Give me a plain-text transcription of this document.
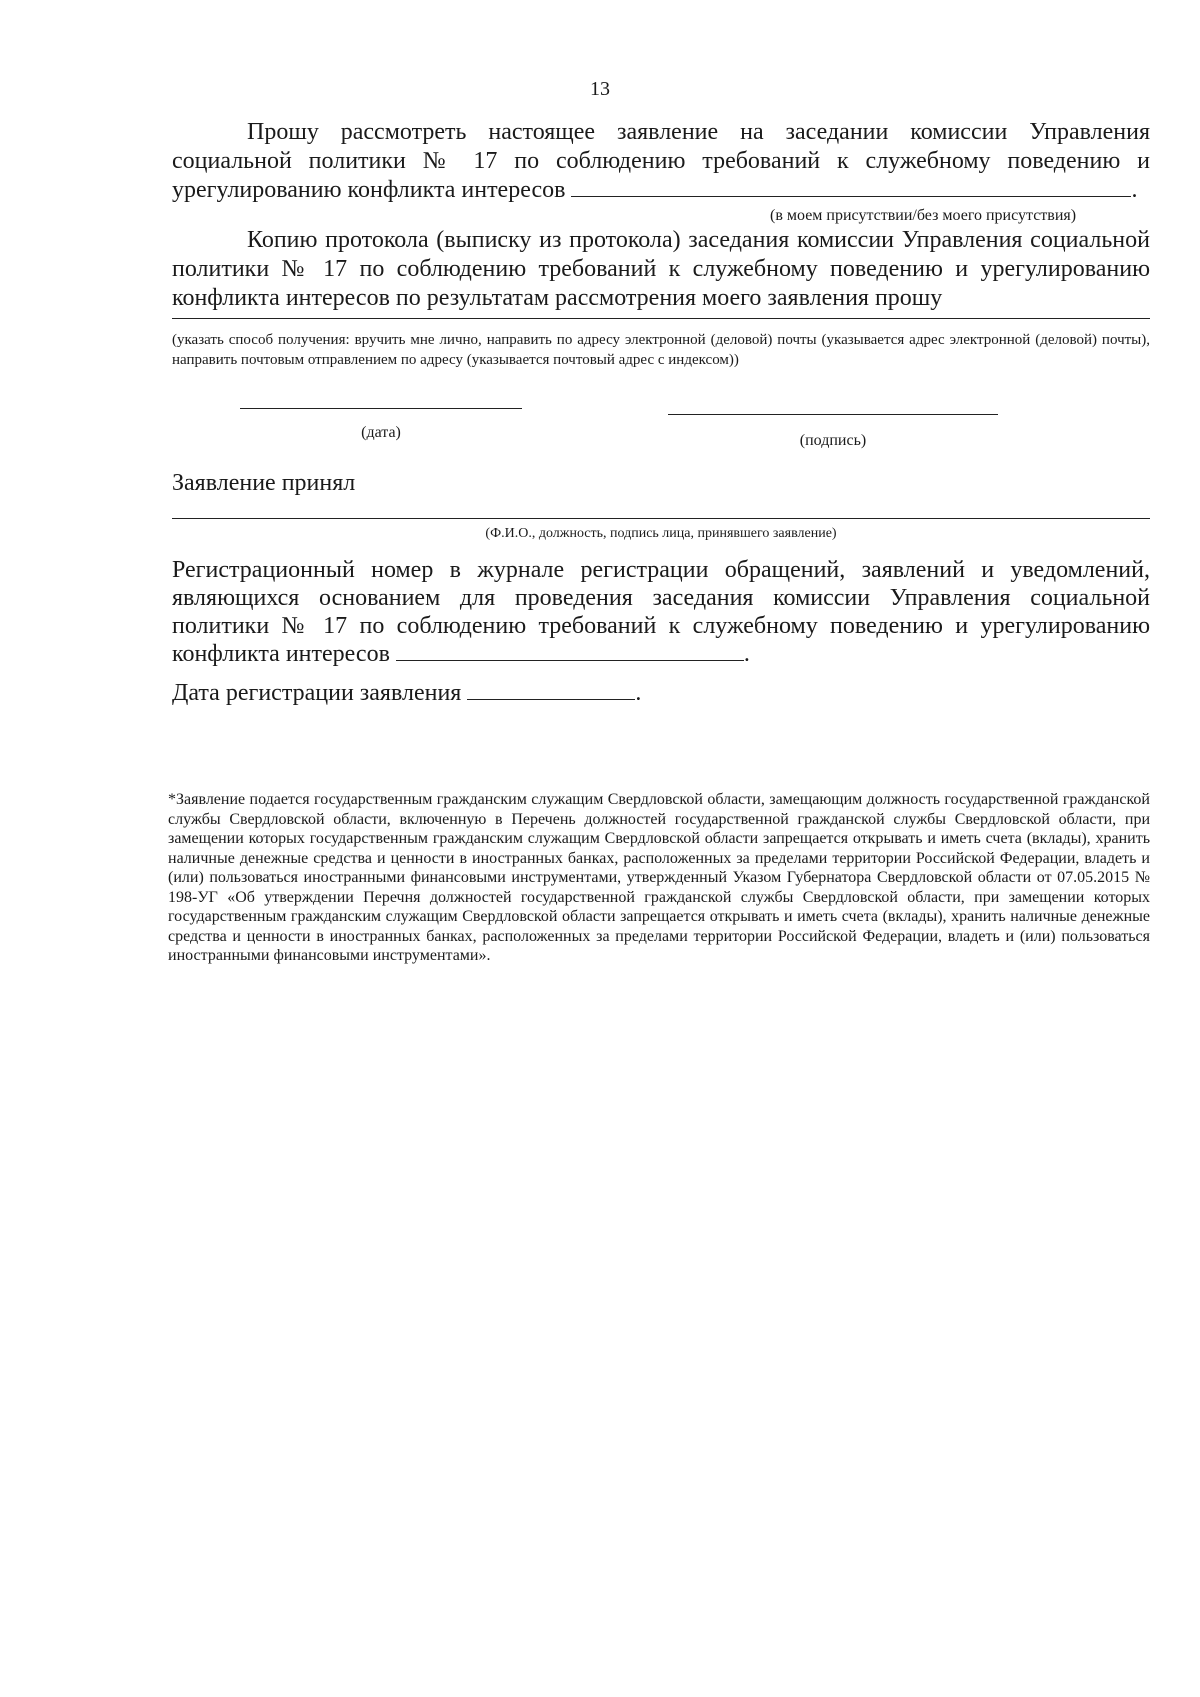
13
Прошу рассмотреть настоящее заявление на заседании комиссии Управления социальной политики № 17 по соблюдению требований к служебному поведению и урегулированию конфликта интересов	.
(в моем присутствии/без моего присутствия)
Копию протокола (выписку из протокола) заседания комиссии Управления социальной политики № 17 по соблюдению требований к служебному поведению и урегулированию конфликта интересов по результатам рассмотрения моего заявления прошу
(указать способ получения: вручить мне лично, направить по адресу электронной (деловой) почты (указывается адрес электронной (деловой) почты), направить почтовым отправлением по адресу (указывается почтовый адрес с индексом))
(дата)	(подпись)
Заявление принял
(Ф.И.О., должность, подпись лица, принявшего заявление)
Регистрационный номер в журнале регистрации обращений, заявлений и уведомлений, являющихся основанием для проведения заседания комиссии Управления социальной политики № 17 по соблюдению требований к служебному поведению и урегулированию конфликта интересов	.
Дата регистрации заявления	.
*Заявление подается государственным гражданским служащим Свердловской области, замещающим должность государственной гражданской службы Свердловской области, включенную в Перечень должностей государственной гражданской службы Свердловской области, при замещении которых государственным гражданским служащим Свердловской области запрещается открывать и иметь счета (вклады), хранить наличные денежные средства и ценности в иностранных банках, расположенных за пределами территории Российской Федерации, владеть и (или) пользоваться иностранными финансовыми инструментами, утвержденный Указом Губернатора Свердловской области от 07.05.2015 № 198-УГ «Об утверждении Перечня должностей государственной гражданской службы Свердловской области, при замещении которых государственным гражданским служащим Свердловской области запрещается открывать и иметь счета (вклады), хранить наличные денежные средства и ценности в иностранных банках, расположенных за пределами территории Российской Федерации, владеть и (или) пользоваться иностранными финансовыми инструментами».
